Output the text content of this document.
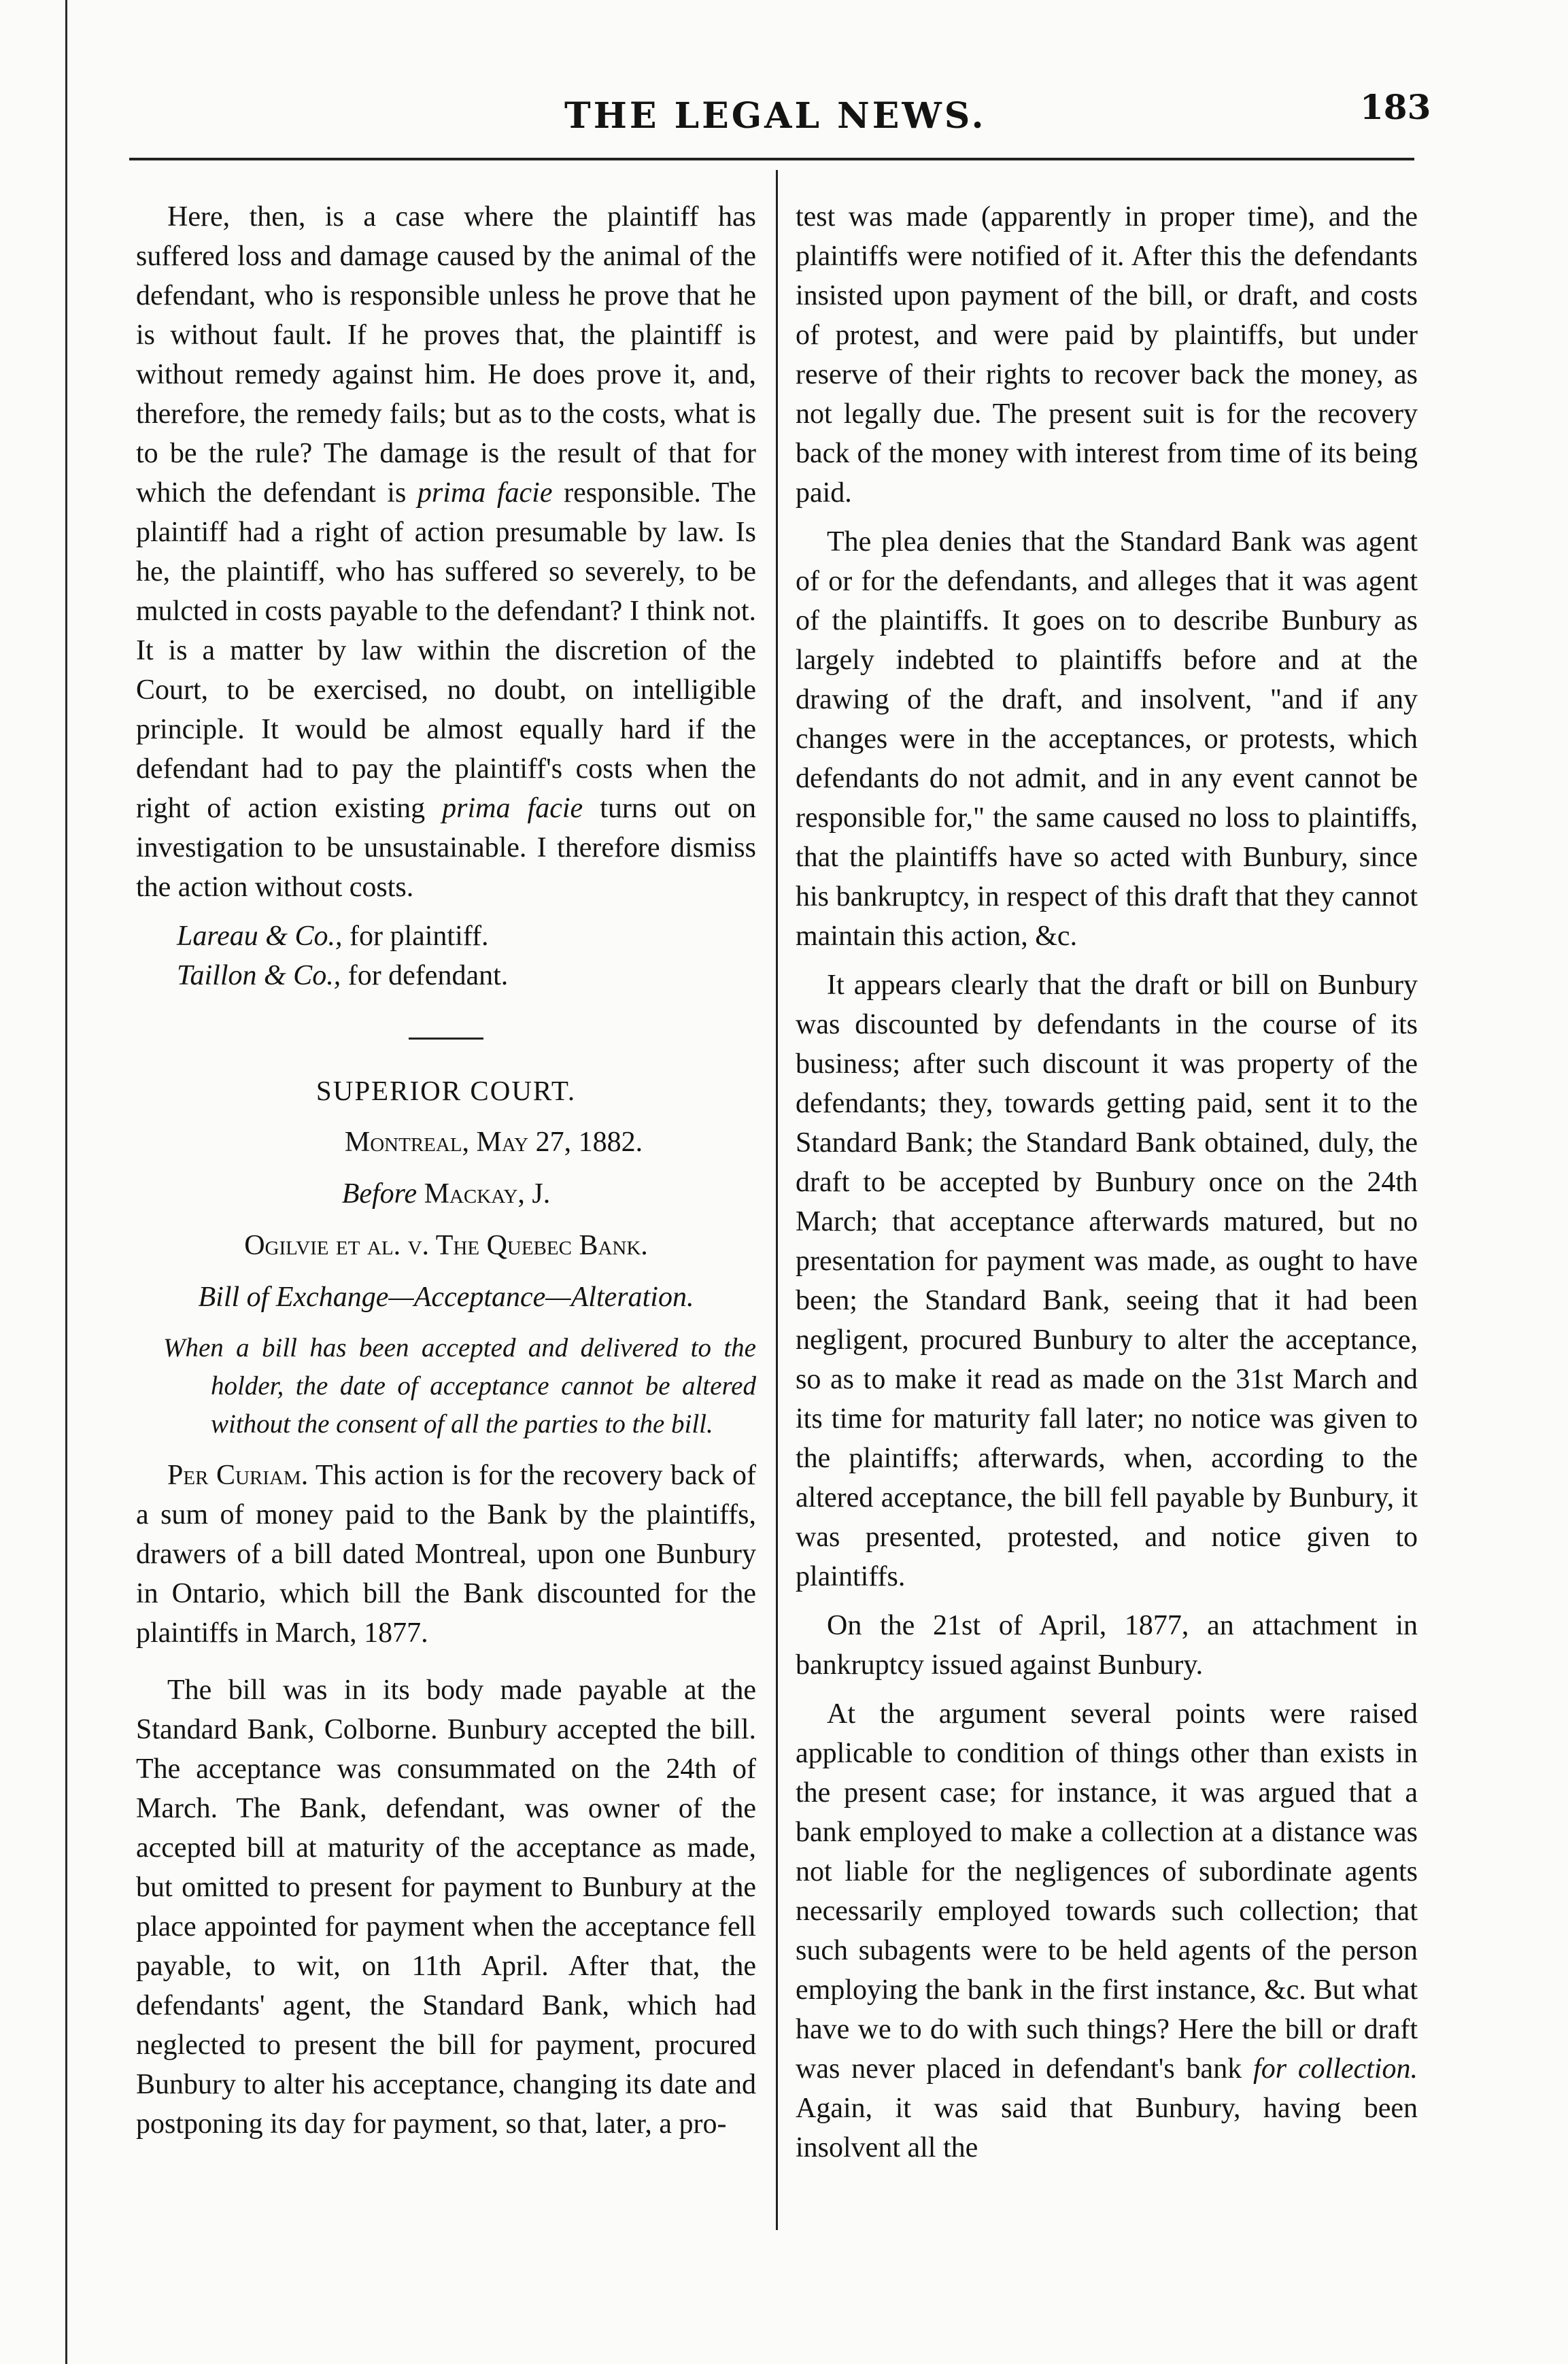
THE LEGAL NEWS.	183

Here, then, is a case where the plaintiff has suffered loss and damage caused by the animal of the defendant, who is responsible unless he prove that he is without fault. If he proves that, the plaintiff is without remedy against him. He does prove it, and, therefore, the remedy fails; but as to the costs, what is to be the rule? The damage is the result of that for which the defendant is prima facie responsible. The plaintiff had a right of action presumable by law. Is he, the plaintiff, who has suffered so severely, to be mulcted in costs payable to the defendant? I think not. It is a matter by law within the discretion of the Court, to be exercised, no doubt, on intelligible principle. It would be almost equally hard if the defendant had to pay the plaintiff's costs when the right of action existing prima facie turns out on investigation to be unsustainable. I therefore dismiss the action without costs.

Lareau & Co., for plaintiff.

Taillon & Co., for defendant.

SUPERIOR COURT.

Montreal, May 27, 1882.

Before Mackay, J.

Ogilvie et al. v. The Quebec Bank.

Bill of Exchange—Acceptance—Alteration.

When a bill has been accepted and delivered to the holder, the date of acceptance cannot be altered without the consent of all the parties to the bill.

Per Curiam. This action is for the recovery back of a sum of money paid to the Bank by the plaintiffs, drawers of a bill dated Montreal, upon one Bunbury in Ontario, which bill the Bank discounted for the plaintiffs in March, 1877.

The bill was in its body made payable at the Standard Bank, Colborne. Bunbury accepted the bill. The acceptance was consummated on the 24th of March. The Bank, defendant, was owner of the accepted bill at maturity of the acceptance as made, but omitted to present for payment to Bunbury at the place appointed for payment when the acceptance fell payable, to wit, on 11th April. After that, the defendants' agent, the Standard Bank, which had neglected to present the bill for payment, procured Bunbury to alter his acceptance, changing its date and postponing its day for payment, so that, later, a pro-

test was made (apparently in proper time), and the plaintiffs were notified of it. After this the defendants insisted upon payment of the bill, or draft, and costs of protest, and were paid by plaintiffs, but under reserve of their rights to recover back the money, as not legally due. The present suit is for the recovery back of the money with interest from time of its being paid.

The plea denies that the Standard Bank was agent of or for the defendants, and alleges that it was agent of the plaintiffs. It goes on to describe Bunbury as largely indebted to plaintiffs before and at the drawing of the draft, and insolvent, "and if any changes were in the acceptances, or protests, which defendants do not admit, and in any event cannot be responsible for," the same caused no loss to plaintiffs, that the plaintiffs have so acted with Bunbury, since his bankruptcy, in respect of this draft that they cannot maintain this action, &c.

It appears clearly that the draft or bill on Bunbury was discounted by defendants in the course of its business; after such discount it was property of the defendants; they, towards getting paid, sent it to the Standard Bank; the Standard Bank obtained, duly, the draft to be accepted by Bunbury once on the 24th March; that acceptance afterwards matured, but no presentation for payment was made, as ought to have been; the Standard Bank, seeing that it had been negligent, procured Bunbury to alter the acceptance, so as to make it read as made on the 31st March and its time for maturity fall later; no notice was given to the plaintiffs; afterwards, when, according to the altered acceptance, the bill fell payable by Bunbury, it was presented, protested, and notice given to plaintiffs.

On the 21st of April, 1877, an attachment in bankruptcy issued against Bunbury.

At the argument several points were raised applicable to condition of things other than exists in the present case; for instance, it was argued that a bank employed to make a collection at a distance was not liable for the negligences of subordinate agents necessarily employed towards such collection; that such subagents were to be held agents of the person employing the bank in the first instance, &c. But what have we to do with such things? Here the bill or draft was never placed in defendant's bank for collection. Again, it was said that Bunbury, having been insolvent all the
